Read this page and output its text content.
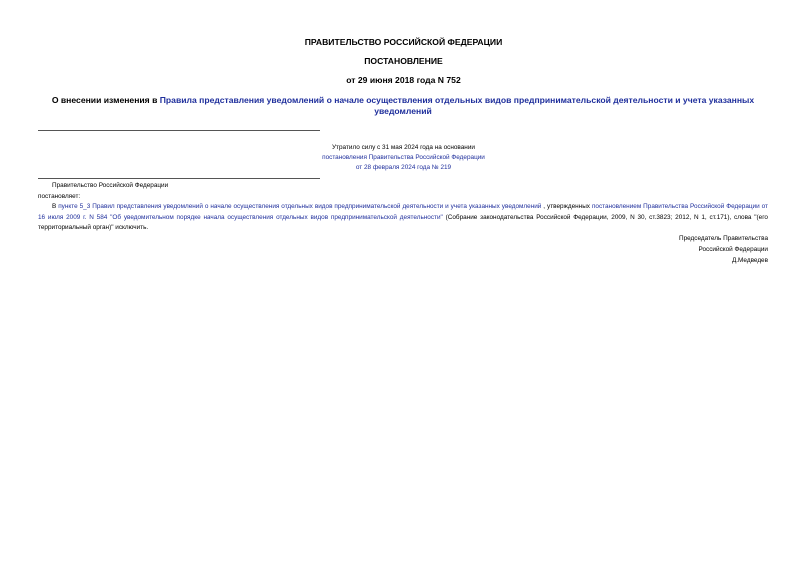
ПРАВИТЕЛЬСТВО РОССИЙСКОЙ ФЕДЕРАЦИИ
ПОСТАНОВЛЕНИЕ
от 29 июня 2018 года N 752
О внесении изменения в Правила представления уведомлений о начале осуществления отдельных видов предпринимательской деятельности и учета указанных уведомлений
Утратило силу с 31 мая 2024 года на основании
постановления Правительства Российской Федерации
от 28 февраля 2024 года № 219
Правительство Российской Федерации
постановляет:
В пункте 5_3 Правил представления уведомлений о начале осуществления отдельных видов предпринимательской деятельности и учета указанных уведомлений , утвержденных постановлением Правительства Российской Федерации от 16 июля 2009 г. N 584 "Об уведомительном порядке начала осуществления отдельных видов предпринимательской деятельности" (Собрание законодательства Российской Федерации, 2009, N 30, ст.3823; 2012, N 1, ст.171), слова "(его территориальный орган)" исключить.
Председатель Правительства
Российской Федерации
Д.Медведев
